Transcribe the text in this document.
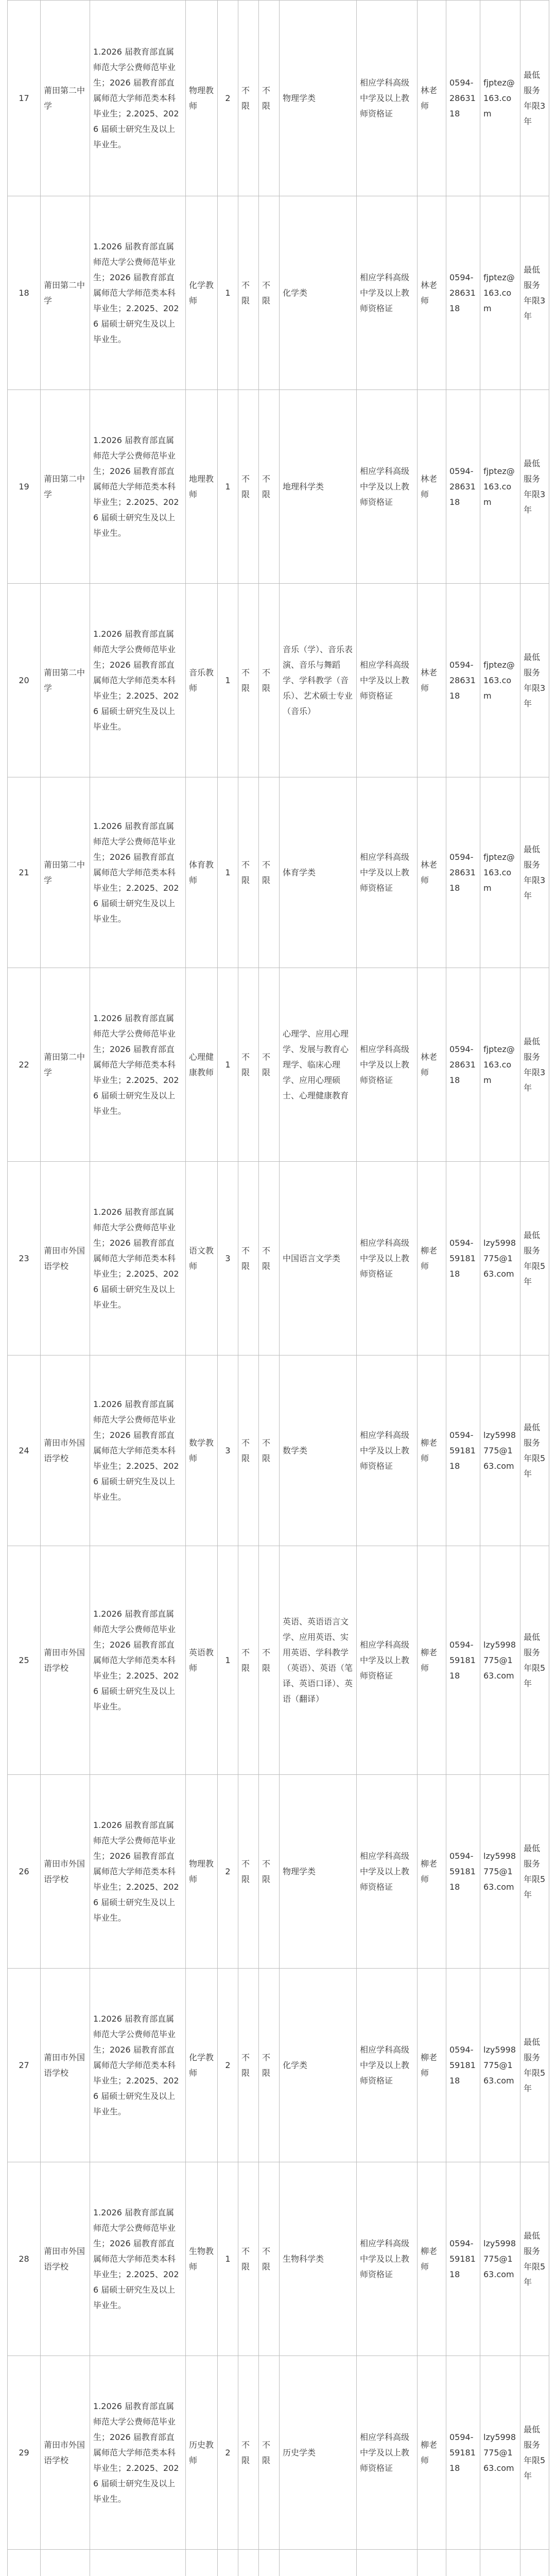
17	莆田第二中学	1.2026 届教育部直属师范大学公费师范毕业生；2026 届教育部直属师范大学师范类本科毕业生；2.2025、2026 届硕士研究生及以上毕业生。	物理教师	2	不限	不限	物理学类	相应学科高级中学及以上教师资格证	林老师	0594-2863118	fjptez@163.com	最低服务年限3年
18	莆田第二中学	1.2026 届教育部直属师范大学公费师范毕业生；2026 届教育部直属师范大学师范类本科毕业生；2.2025、2026 届硕士研究生及以上毕业生。	化学教师	1	不限	不限	化学类	相应学科高级中学及以上教师资格证	林老师	0594-2863118	fjptez@163.com	最低服务年限3年
19	莆田第二中学	1.2026 届教育部直属师范大学公费师范毕业生；2026 届教育部直属师范大学师范类本科毕业生；2.2025、2026 届硕士研究生及以上毕业生。	地理教师	1	不限	不限	地理科学类	相应学科高级中学及以上教师资格证	林老师	0594-2863118	fjptez@163.com	最低服务年限3年
20	莆田第二中学	1.2026 届教育部直属师范大学公费师范毕业生；2026 届教育部直属师范大学师范类本科毕业生；2.2025、2026 届硕士研究生及以上毕业生。	音乐教师	1	不限	不限	音乐（学）、音乐表演、音乐与舞蹈学、学科教学（音乐）、艺术硕士专业（音乐）	相应学科高级中学及以上教师资格证	林老师	0594-2863118	fjptez@163.com	最低服务年限3年
21	莆田第二中学	1.2026 届教育部直属师范大学公费师范毕业生；2026 届教育部直属师范大学师范类本科毕业生；2.2025、2026 届硕士研究生及以上毕业生。	体育教师	1	不限	不限	体育学类	相应学科高级中学及以上教师资格证	林老师	0594-2863118	fjptez@163.com	最低服务年限3年
22	莆田第二中学	1.2026 届教育部直属师范大学公费师范毕业生；2026 届教育部直属师范大学师范类本科毕业生；2.2025、2026 届硕士研究生及以上毕业生。	心理健康教师	1	不限	不限	心理学、应用心理学、发展与教育心理学、临床心理学、应用心理硕士、心理健康教育	相应学科高级中学及以上教师资格证	林老师	0594-2863118	fjptez@163.com	最低服务年限3年
23	莆田市外国语学校	1.2026 届教育部直属师范大学公费师范毕业生；2026 届教育部直属师范大学师范类本科毕业生；2.2025、2026 届硕士研究生及以上毕业生。	语文教师	3	不限	不限	中国语言文学类	相应学科高级中学及以上教师资格证	柳老师	0594-5918118	lzy5998775@163.com	最低服务年限5年
24	莆田市外国语学校	1.2026 届教育部直属师范大学公费师范毕业生；2026 届教育部直属师范大学师范类本科毕业生；2.2025、2026 届硕士研究生及以上毕业生。	数学教师	3	不限	不限	数学类	相应学科高级中学及以上教师资格证	柳老师	0594-5918118	lzy5998775@163.com	最低服务年限5年
25	莆田市外国语学校	1.2026 届教育部直属师范大学公费师范毕业生；2026 届教育部直属师范大学师范类本科毕业生；2.2025、2026 届硕士研究生及以上毕业生。	英语教师	1	不限	不限	英语、英语语言文学、应用英语、实用英语、学科教学（英语）、英语（笔译、英语口译）、英语（翻译）	相应学科高级中学及以上教师资格证	柳老师	0594-5918118	lzy5998775@163.com	最低服务年限5年
26	莆田市外国语学校	1.2026 届教育部直属师范大学公费师范毕业生；2026 届教育部直属师范大学师范类本科毕业生；2.2025、2026 届硕士研究生及以上毕业生。	物理教师	2	不限	不限	物理学类	相应学科高级中学及以上教师资格证	柳老师	0594-5918118	lzy5998775@163.com	最低服务年限5年
27	莆田市外国语学校	1.2026 届教育部直属师范大学公费师范毕业生；2026 届教育部直属师范大学师范类本科毕业生；2.2025、2026 届硕士研究生及以上毕业生。	化学教师	2	不限	不限	化学类	相应学科高级中学及以上教师资格证	柳老师	0594-5918118	lzy5998775@163.com	最低服务年限5年
28	莆田市外国语学校	1.2026 届教育部直属师范大学公费师范毕业生；2026 届教育部直属师范大学师范类本科毕业生；2.2025、2026 届硕士研究生及以上毕业生。	生物教师	1	不限	不限	生物科学类	相应学科高级中学及以上教师资格证	柳老师	0594-5918118	lzy5998775@163.com	最低服务年限5年
29	莆田市外国语学校	1.2026 届教育部直属师范大学公费师范毕业生；2026 届教育部直属师范大学师范类本科毕业生；2.2025、2026 届硕士研究生及以上毕业生。	历史教师	2	不限	不限	历史学类	相应学科高级中学及以上教师资格证	柳老师	0594-5918118	lzy5998775@163.com	最低服务年限5年
